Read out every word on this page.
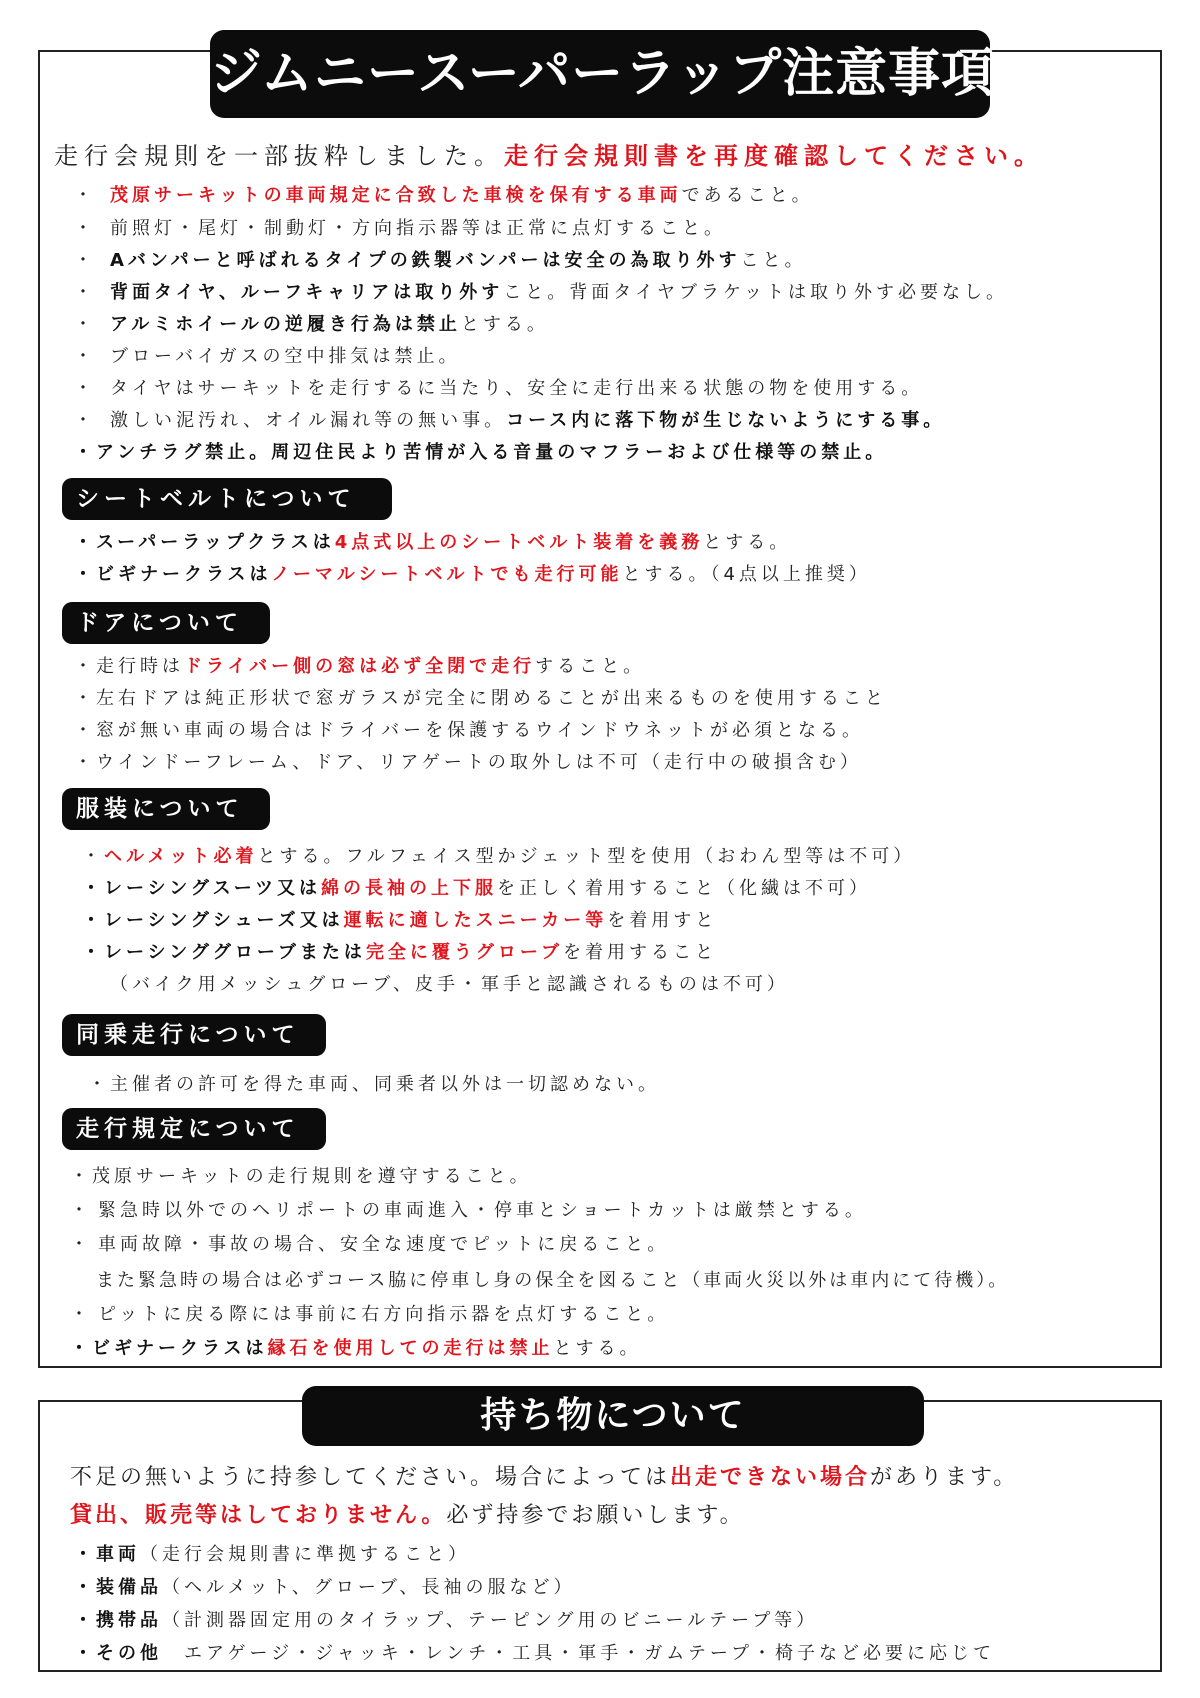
ジムニースーパーラップ注意事項
走行会規則を一部抜粋しました。走行会規則書を再度確認してください。
・ 茂原サーキットの車両規定に合致した車検を保有する車両であること。
・ 前照灯・尾灯・制動灯・方向指示器等は正常に点灯すること。
・ Aバンパーと呼ばれるタイプの鉄製バンパーは安全の為取り外すこと。
・ 背面タイヤ、ルーフキャリアは取り外すこと。背面タイヤブラケットは取り外す必要なし。
・ アルミホイールの逆履き行為は禁止とする。
・ ブローバイガスの空中排気は禁止。
・ タイヤはサーキットを走行するに当たり、安全に走行出来る状態の物を使用する。
・ 激しい泥汚れ、オイル漏れ等の無い事。コース内に落下物が生じないようにする事。
・アンチラグ禁止。周辺住民より苦情が入る音量のマフラーおよび仕様等の禁止。
シートベルトについて
・スーパーラップクラスは4点式以上のシートベルト装着を義務とする。
・ビギナークラスはノーマルシートベルトでも走行可能とする。（4点以上推奨）
ドアについて
・走行時はドライバー側の窓は必ず全閉で走行すること。
・左右ドアは純正形状で窓ガラスが完全に閉めることが出来るものを使用すること
・窓が無い車両の場合はドライバーを保護するウインドウネットが必須となる。
・ウインドーフレーム、ドア、リアゲートの取外しは不可（走行中の破損含む）
服装について
・ヘルメット必着とする。フルフェイス型かジェット型を使用（おわん型等は不可）
・レーシングスーツ又は綿の長袖の上下服を正しく着用すること（化繊は不可）
・レーシングシューズ又は運転に適したスニーカー等を着用すと
・レーシンググローブまたは完全に覆うグローブを着用すること
（バイク用メッシュグローブ、皮手・軍手と認識されるものは不可）
同乗走行について
・主催者の許可を得た車両、同乗者以外は一切認めない。
走行規定について
・茂原サーキットの走行規則を遵守すること。
・ 緊急時以外でのヘリポートの車両進入・停車とショートカットは厳禁とする。
・ 車両故障・事故の場合、安全な速度でピットに戻ること。
また緊急時の場合は必ずコース脇に停車し身の保全を図ること（車両火災以外は車内にて待機）。
・ ピットに戻る際には事前に右方向指示器を点灯すること。
・ビギナークラスは縁石を使用しての走行は禁止とする。
持ち物について
不足の無いように持参してください。場合によっては出走できない場合があります。
貸出、販売等はしておりません。必ず持参でお願いします。
・車両（走行会規則書に準拠すること）
・装備品（ヘルメット、グローブ、長袖の服など）
・携帯品（計測器固定用のタイラップ、テーピング用のビニールテープ等）
・その他　エアゲージ・ジャッキ・レンチ・工具・軍手・ガムテープ・椅子など必要に応じて
